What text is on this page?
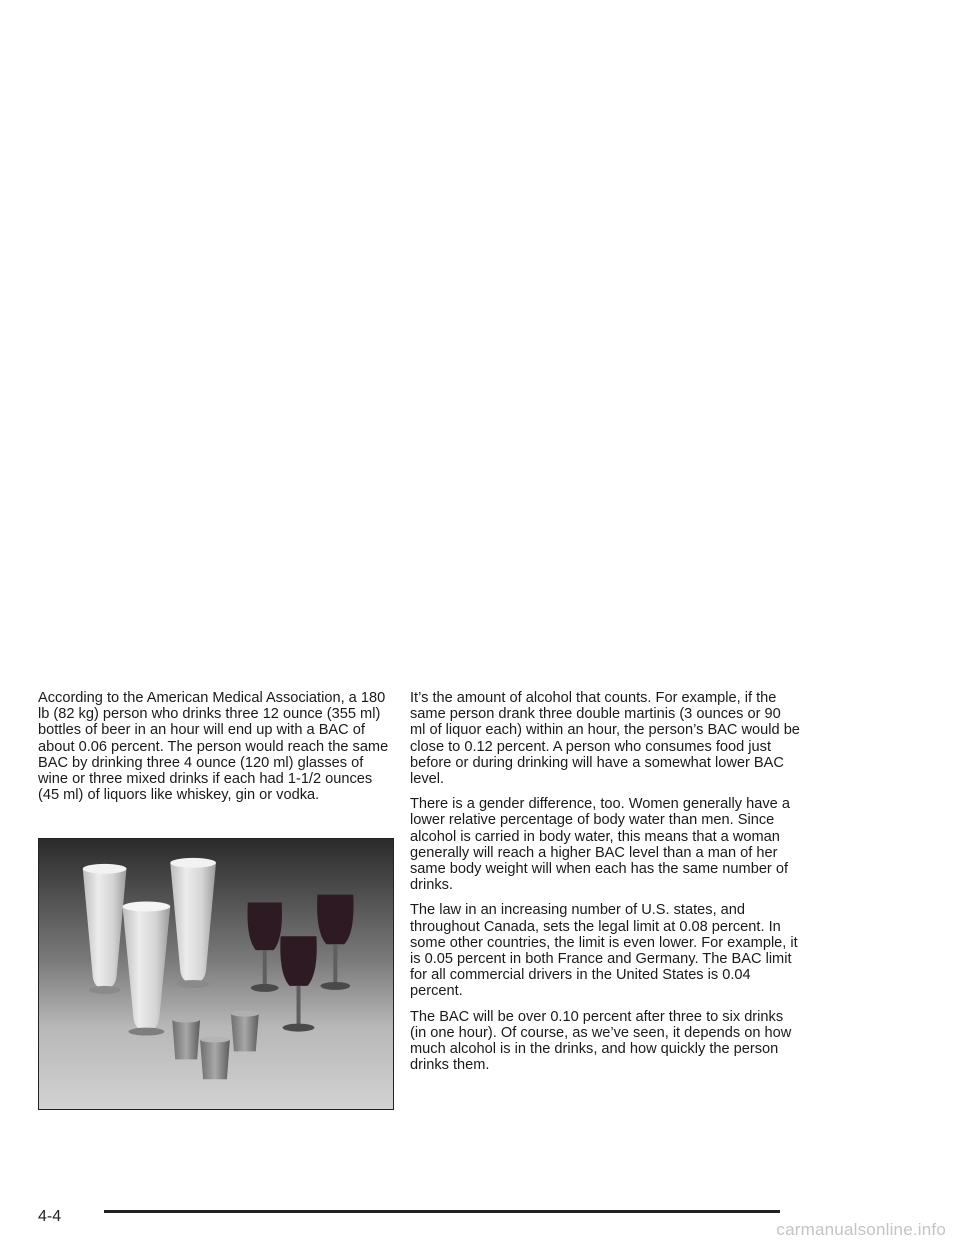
According to the American Medical Association, a 180 lb (82 kg) person who drinks three 12 ounce (355 ml) bottles of beer in an hour will end up with a BAC of about 0.06 percent. The person would reach the same BAC by drinking three 4 ounce (120 ml) glasses of wine or three mixed drinks if each had 1-1/2 ounces (45 ml) of liquors like whiskey, gin or vodka.

It’s the amount of alcohol that counts. For example, if the same person drank three double martinis (3 ounces or 90 ml of liquor each) within an hour, the person’s BAC would be close to 0.12 percent. A person who consumes food just before or during drinking will have a somewhat lower BAC level.

There is a gender difference, too. Women generally have a lower relative percentage of body water than men. Since alcohol is carried in body water, this means that a woman generally will reach a higher BAC level than a man of her same body weight will when each has the same number of drinks.

The law in an increasing number of U.S. states, and throughout Canada, sets the legal limit at 0.08 percent. In some other countries, the limit is even lower. For example, it is 0.05 percent in both France and Germany. The BAC limit for all commercial drivers in the United States is 0.04 percent.

The BAC will be over 0.10 percent after three to six drinks (in one hour). Of course, as we’ve seen, it depends on how much alcohol is in the drinks, and how quickly the person drinks them.

4-4
carmanualsonline.info
